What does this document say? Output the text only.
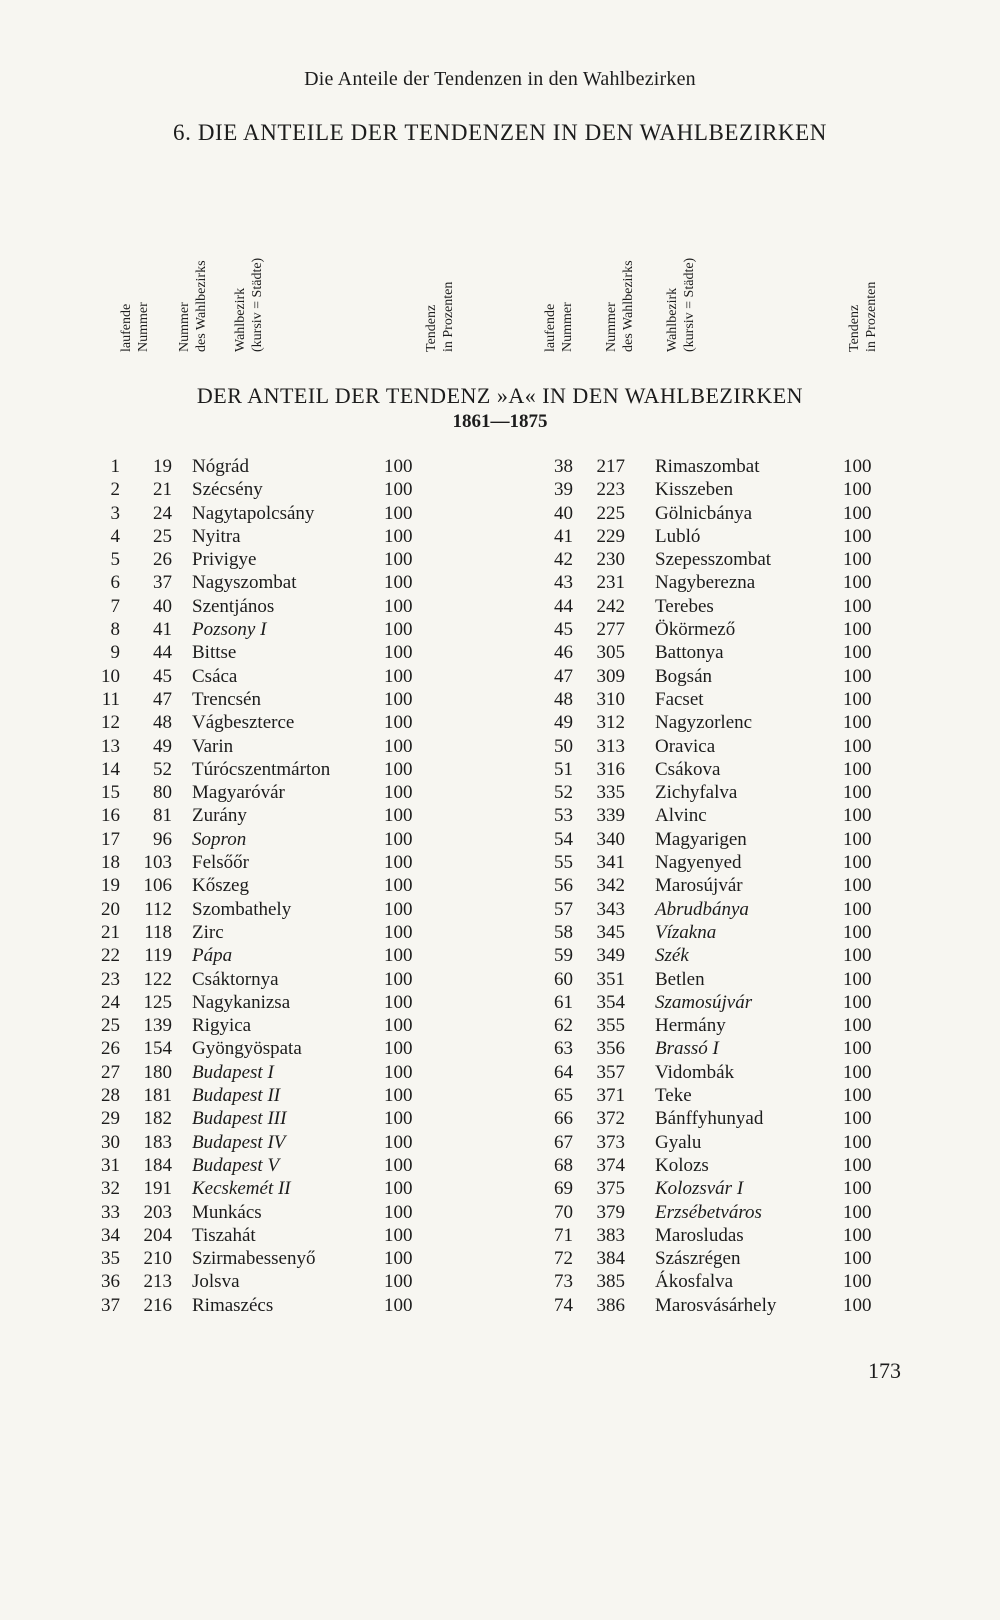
Die Anteile der Tendenzen in den Wahlbezirken
6. DIE ANTEILE DER TENDENZEN IN DEN WAHLBEZIRKEN
laufende Nummer Nummer des Wahlbezirks Wahlbezirk (kursiv = Städte)	Tendenz in Prozenten	laufende Nummer Nummer des Wahlbezirks Wahlbezirk (kursiv = Städte)	Tendenz in Prozenten
DER ANTEIL DER TENDENZ »A« IN DEN WAHLBEZIRKEN
1861—1875
1	19 Nógrád	100
2	21 Szécsény	100
3	24 Nagytapolcsány	100
4	25 Nyitra	100
5	26 Privigye	100
6	37 Nagyszombat	100
7	40 Szentjános	100
8	41 Pozsony I	100
9	44 Bittse	100
10	45 Csáca	100
11	47 Trencsén	100
12	48 Vágbeszterce	100
13	49 Varin	100
14	52 Túrócszentmárton	100
15	80 Magyaróvár	100
16	81 Zurány	100
17	96 Sopron	100
18	103 Felsőőr	100
19	106 Kőszeg	100
20	112 Szombathely	100
21	118 Zirc	100
22	119 Pápa	100
23	122 Csáktornya	100
24	125 Nagykanizsa	100
25	139 Rigyica	100
26	154 Gyöngyöspata	100
27	180 Budapest I	100
28	181 Budapest II	100
29	182 Budapest III	100
30	183 Budapest IV	100
31	184 Budapest V	100
32	191 Kecskemét II	100
33	203 Munkács	100
34	204 Tiszahát	100
35	210 Szirmabessenyő	100
36	213 Jolsva	100
37	216 Rimaszécs	100
38	217 Rimaszombat	100
39	223 Kisszeben	100
40	225 Gölnicbánya	100
41	229 Lubló	100
42	230 Szepesszombat	100
43	231 Nagyberezna	100
44	242 Terebes	100
45	277 Ökörmező	100
46	305 Battonya	100
47	309 Bogsán	100
48	310 Facset	100
49	312 Nagyzorlenc	100
50	313 Oravica	100
51	316 Csákova	100
52	335 Zichyfalva	100
53	339 Alvinc	100
54	340 Magyarigen	100
55	341 Nagyenyed	100
56	342 Marosújvár	100
57	343 Abrudbánya	100
58	345 Vízakna	100
59	349 Szék	100
60	351 Betlen	100
61	354 Szamosújvár	100
62	355 Hermány	100
63	356 Brassó I	100
64	357 Vidombák	100
65	371 Teke	100
66	372 Bánffyhunyad	100
67	373 Gyalu	100
68	374 Kolozs	100
69	375 Kolozsvár I	100
70	379 Erzsébetváros	100
71	383 Marosludas	100
72	384 Szászrégen	100
73	385 Ákosfalva	100
74	386 Marosvásárhely	100
173
